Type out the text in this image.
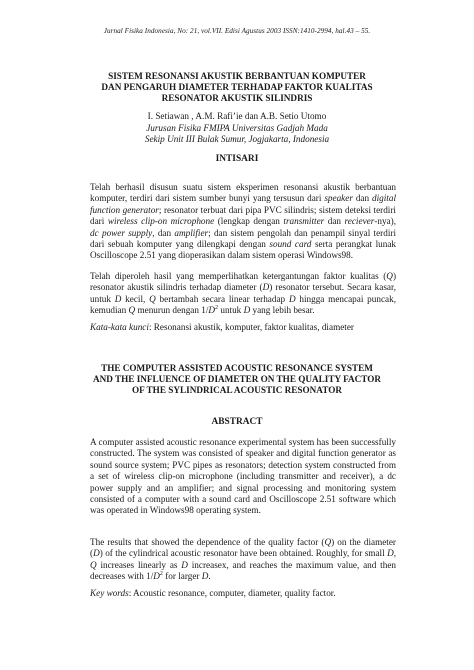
Jurnal Fisika Indonesia, No: 21, vol.VII. Edisi Agustus 2003 ISSN:1410-2994, hal.43 – 55.
SISTEM RESONANSI AKUSTIK BERBANTUAN KOMPUTER
DAN PENGARUH DIAMETER TERHADAP FAKTOR KUALITAS
RESONATOR AKUSTIK SILINDRIS
I. Setiawan , A.M. Rafi’ie dan A.B. Setio Utomo
Jurusan Fisika FMIPA Universitas Gadjah Mada
Sekip Unit III Bulak Sumur, Jogjakarta, Indonesia
INTISARI

Telah berhasil disusun suatu sistem eksperimen resonansi akustik berbantuan komputer, terdiri dari sistem sumber bunyi yang tersusun dari speaker dan digital function generator; resonator terbuat dari pipa PVC silindris; sistem deteksi terdiri dari wireless clip-on microphone (lengkap dengan transmitter dan reciever-nya), dc power supply, dan amplifier; dan sistem pengolah dan penampil sinyal terdiri dari sebuah komputer yang dilengkapi dengan sound card serta perangkat lunak Oscilloscope 2.51 yang dioperasikan dalam sistem operasi Windows98.

Telah diperoleh hasil yang memperlihatkan ketergantungan faktor kualitas (Q) resonator akustik silindris terhadap diameter (D) resonator tersebut. Secara kasar, untuk D kecil, Q bertambah secara linear terhadap D hingga mencapai puncak, kemudian Q menurun dengan $1/D^2$ untuk D yang lebih besar.

Kata-kata kunci: Resonansi akustik, komputer, faktor kualitas, diameter

THE COMPUTER ASSISTED ACOUSTIC RESONANCE SYSTEM
AND THE INFLUENCE OF DIAMETER ON THE QUALITY FACTOR
OF THE SYLINDRICAL ACOUSTIC RESONATOR
ABSTRACT

A computer assisted acoustic resonance experimental system has been successfully constructed. The system was consisted of speaker and digital function generator as sound source system; PVC pipes as resonators; detection system constructed from a set of wireless clip-on microphone (including transmitter and receiver), a dc power supply and an amplifier; and signal processing and monitoring system consisted of a computer with a sound card and Oscilloscope 2.51 software which was operated in Windows98 operating system.

The results that showed the dependence of the quality factor (Q) on the diameter (D) of the cylindrical acoustic resonator have been obtained. Roughly, for small D, Q increases linearly as D increasex, and reaches the maximum value, and then decreases with $1/D^2$ for larger D.

Key words: Acoustic resonance, computer, diameter, quality factor.
